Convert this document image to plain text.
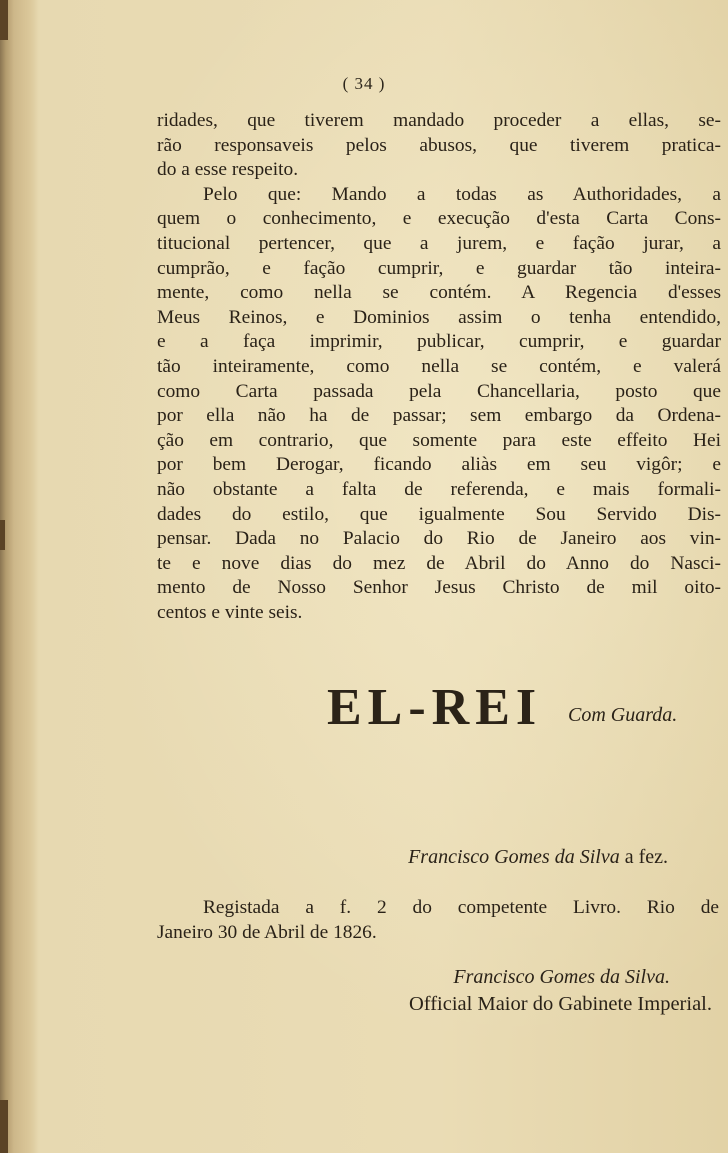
( 34 )
ridades, que tiverem mandado proceder a ellas, se-
rão responsaveis pelos abusos, que tiverem pratica-
do a esse respeito.
Pelo que: Mando a todas as Authoridades, a
quem o conhecimento, e execução d'esta Carta Cons-
titucional pertencer, que a jurem, e fação jurar, a
cumprão, e fação cumprir, e guardar tão inteira-
mente, como nella se contém. A Regencia d'esses
Meus Reinos, e Dominios assim o tenha entendido,
e a faça imprimir, publicar, cumprir, e guardar
tão inteiramente, como nella se contém, e valerá
como Carta passada pela Chancellaria, posto que
por ella não ha de passar; sem embargo da Ordena-
ção em contrario, que somente para este effeito Hei
por bem Derogar, ficando aliàs em seu vigôr; e
não obstante a falta de referenda, e mais formali-
dades do estilo, que igualmente Sou Servido Dis-
pensar. Dada no Palacio do Rio de Janeiro aos vin-
te e nove dias do mez de Abril do Anno do Nasci-
mento de Nosso Senhor Jesus Christo de mil oito-
centos e vinte seis.
EL-REI Com Guarda.
Francisco Gomes da Silva a fez.
Registada a f. 2 do competente Livro. Rio de
Janeiro 30 de Abril de 1826.
Francisco Gomes da Silva.
Official Maior do Gabinete Imperial.
